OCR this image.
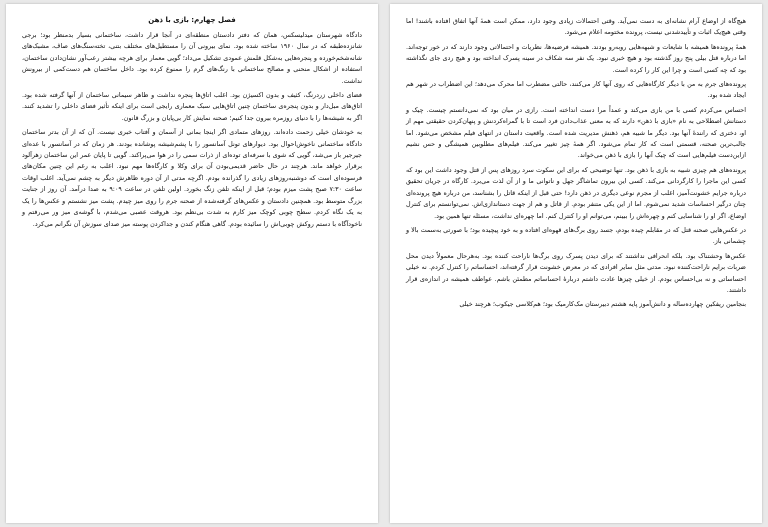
فصل چهارم: بازی با ذهن

دادگاه شهرستان میدلیسکس، همان که دفتر دادستان منطقه‌ای در آنجا قرار داشت، ساختمانی بسیار بدمنظر بود؛ برجی شانزده‌طبقه که در سال ۱۹۶۰ ساخته شده بود. نمای بیرونی آن را مستطیل‌های مختلف بتنی، تخته‌سنگ‌های صاف، مشبک‌های شانه‌شخم‌خورده و پنجره‌هایی به‌شکل قلمش عمودی تشکیل می‌داد؛ گویی معمار برای هرچه بیشتر رعب‌آور نشان‌دادن ساختمان، استفاده از اشکال منحنی و مصالح ساختمانی با رنگ‌های گرم را ممنوع کرده بود. داخل ساختمان هم دست‌کمی از بیرونش نداشت.

فضای داخلی زردرنگ، کثیف و بدون اکسیژن بود. اغلب اتاق‌ها پنجره نداشت و ظاهر سیمانی ساختمان از آنها گرفته شده بود. اتاق‌های مبل‌دار و بدون پنجره‌ی ساختمان چنین اتاق‌هایی سبک معماری رایجی است برای اینکه تأثیر فضای داخلی را تشدید کنند. اگر به شیشه‌ها را با دنیای روزمره بیرون جدا کنیم؛ صحنه نمایش کار بی‌پایان و بزرگ قانون.

به خودشان خیلی زحمت داده‌اند. روزهای متمادی اگر اینجا بمانی از آسمان و آفتاب خبری نیست. آن که از آن بدتر ساختمان دادگاه ساختمانی ناخوش‌احوال بود. دیوارهای تونل آسانسور را با پشم‌شیشه پوشانده بودند. هر زمان که در آسانسور با عده‌ای جیرجیر باز می‌شد، گویی که شوی با سرفه‌ای توده‌ای از ذرات سمی را در هوا می‌پراکند. گویی تا پایان عمر این ساختمان زهرآلود برقرار خواهد ماند. هرچند در حال حاضر قدیمی‌بودن آن برای وکلا و کارگاه‌ها مهم نبود. اغلب به رغم این چنین مکان‌های فرسوده‌ای است که دوشنبه‌روزهای زیادی را گذرانده بودم. اگرچه مدتی از آن دوره ظاهرش دیگر به چشم نمی‌آید. اغلب اوقات ساعت ۷:۳۰ صبح پشت میزم بودم؛ قبل از اینکه تلفن زنگ بخورد. اولین تلفن در ساعت ۹:۰۹ به صدا درآمد. آن روز از جنایت بزرگ متوسط بود. همچنین دادستان و عکس‌های گرفته‌شده از صحنه جرم را روی میز چیدم. پشت میز نشستم و عکس‌ها را یک به یک نگاه کردم. سطح چوبی کوچک میز کارم به شدت بی‌نظم بود. هروقت عصبی می‌شدم، با گوشه‌ی میز ور می‌رفتم و ناخودآگاه با دستم روکش چوبی‌اش را سائیده بودم. گاهی هنگام کندن و جداکردن پوسته میز صدای سوزش آن نگرانم می‌کرد.

هیچ‌گاه از اوضاع آرام نشانه‌ای به دست نمی‌آید. وقتی احتمالات زیادی وجود دارد، ممکن است همهٔ آنها اتفاق افتاده باشند! اما وقتی هیچ‌یک اثبات و تأییدشدنی نیست، پرونده مختومه اعلام می‌شود.

همهٔ پرونده‌ها همیشه با شایعات و شبهه‌هایی روبه‌رو بودند. همیشه فرضیه‌ها، نظریات و احتمالاتی وجود دارند که در خور توجه‌اند. اما درباره قتل بیلی پنج روز گذشته بود و هیچ خبری نبود. یک نفر سه شکاف در سینه پسرک انداخته بود و هیچ ردی جای نگذاشته بود که چه کسی است و چرا این کار را کرده است.

پرونده‌های جرم به من با دیگر کارگاه‌هایی که روی آنها کار می‌کنند، حالتی مضطرب اما محرک می‌دهد؛ این اضطراب در شهر هم ایجاد شده بود.

احساس می‌کردم کسی با من بازی می‌کند و عمداً مرا دست انداخته است. رازی در میان بود که نمی‌دانستم چیست. چیک و دستانش اصطلاحی به نام «بازی با ذهن» دارند که به معنی عذاب‌دادن فرد است تا با گمراه‌کردنش و پنهان‌کردن حقیقتی مهم از او، دختری که رانندهٔ آنها بود. دیگر ما شبیه هم، ذهنش مدیریت شده است. واقعیت داستان در انتهای فیلم مشخص می‌شود. اما جالب‌ترین صحنه، قسمتی است که کار تمام می‌شود. اگر همهٔ چیز تغییر می‌کند. فیلم‌های مطلوبین همیشگی و حس نشیم ازاین‌دست فیلم‌هایی است که چیک آنها را بازی با ذهن می‌خواند.

پرونده‌های هم چیزی شبیه به بازی با ذهن بود. تنها توضیحی که برای این سکوت سرد روزهای پس از قتل وجود داشت این بود که کسی این ماجرا را کارگردانی می‌کند. کسی این بیرون تماشاگر جهل و ناتوانی ما و از آن لذت می‌برد. کارگاه در جریان تحقیق درباره جرایم خشونت‌آمیز، اغلب از مجرم نوعی دیگری در ذهن دارد! حتی قبل از اینکه قاتل را بشناسد، من درباره هیچ پرونده‌ای چنان درگیر احساسات شدید نمی‌شوم. اما از این یکی متنفر بودم. از قاتل و هم از جهت دستاندازی‌اش. نمی‌توانستم برای کنترل اوضاع، اگر او را شناسایی کنم و چهره‌اش را ببینم، می‌توانم او را کنترل کنم. اما چهره‌ای نداشت، مسئله تنها همین بود.

در عکس‌هایی صحنه قتل که در مقابلم چیده بودم، جسد روی برگ‌های قهوه‌ای افتاده و به خود پیچیده بود؛ با صورتی به‌سمت بالا و چشمانی باز.

عکس‌ها وحشتناک بود. بلکه انحرافی نداشتند که برای دیدن پسرک روی برگ‌ها ناراحت کننده بود. به‌هرحال معمولاً دیدن محل ضربات برایم ناراحت‌کننده نبود. مدتی مثل سایر افرادی که در معرض خشونت قرار گرفته‌اند، احساساتم را کنترل کردم. نه خیلی احساساتی و نه بی‌احساس بودم. از خیلی چیزها عادت داشتم دربارهٔ احساساتم مطمئن باشم. عواطف همیشه در اندازه‌ی قرار داشتند.

بنجامین ریفکین چهارده‌ساله و دانش‌آموز پایه هشتم دبیرستان مک‌کارمیک بود؛ هم‌کلاسی جیکوب؛ هرچند خیلی
